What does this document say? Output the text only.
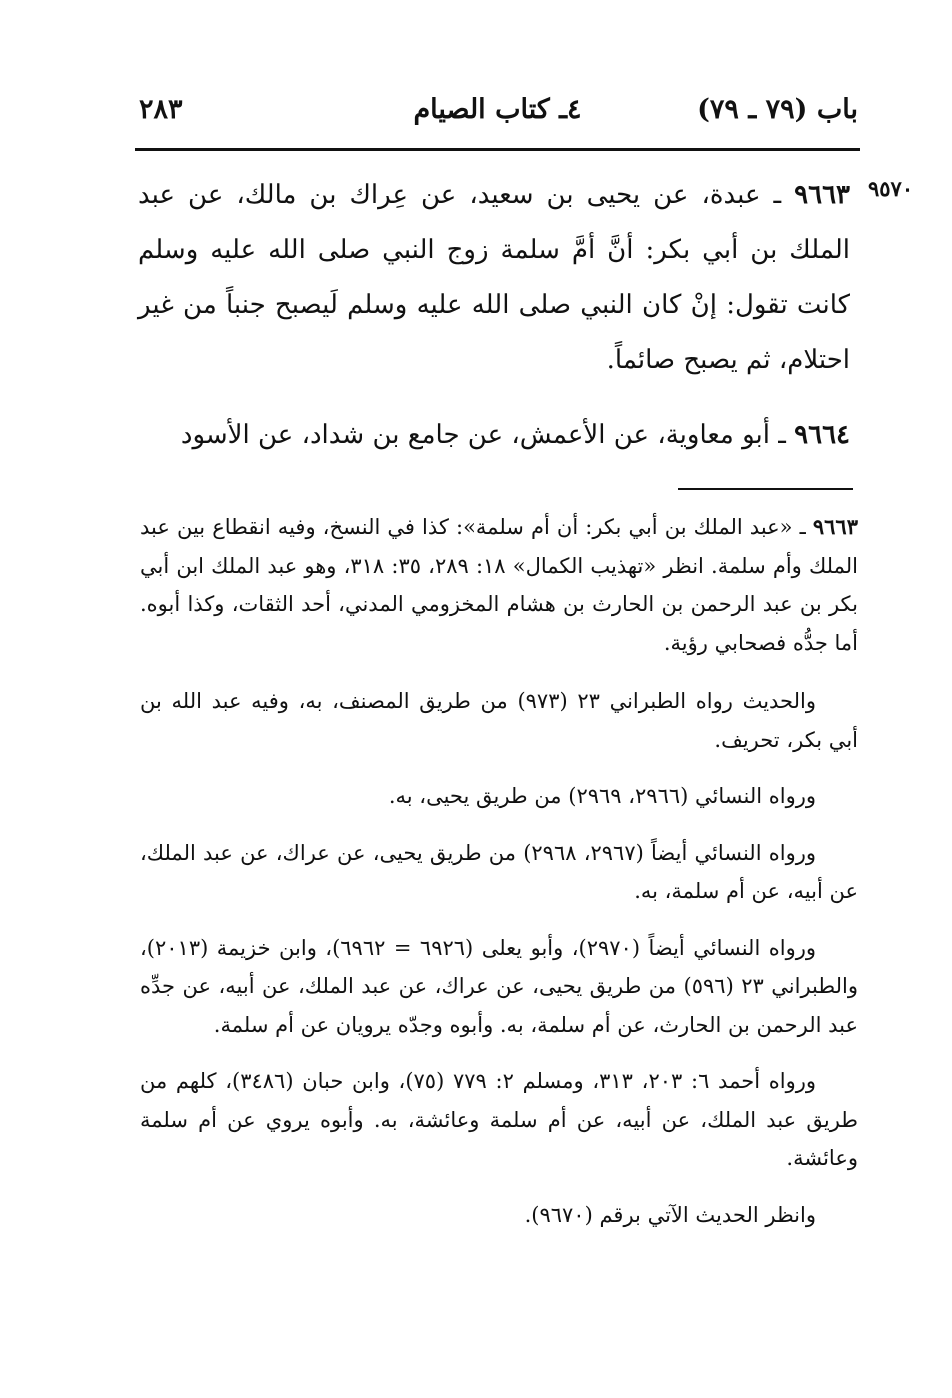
باب (٧٩ ـ ٧٩)
٤ـ كتاب الصيام
٢٨٣
٩٥٧٠

٩٦٦٣ ـ عبدة، عن يحيى بن سعيد، عن عِراك بن مالك، عن عبد الملك بن أبي بكر: أنَّ أمَّ سلمة زوج النبي صلى الله عليه وسلم كانت تقول: إنْ كان النبي صلى الله عليه وسلم لَيصبح جنباً من غير احتلام، ثم يصبح صائماً.

٩٦٦٤ ـ أبو معاوية، عن الأعمش، عن جامع بن شداد، عن الأسود

٩٦٦٣ ـ «عبد الملك بن أبي بكر: أن أم سلمة»: كذا في النسخ، وفيه انقطاع بين عبد الملك وأم سلمة. انظر «تهذيب الكمال» ١٨: ٢٨٩، ٣٥: ٣١٨، وهو عبد الملك ابن أبي بكر بن عبد الرحمن بن الحارث بن هشام المخزومي المدني، أحد الثقات، وكذا أبوه. أما جدُّه فصحابي رؤية.

والحديث رواه الطبراني ٢٣ (٩٧٣) من طريق المصنف، به، وفيه عبد الله بن أبي بكر، تحريف.

ورواه النسائي (٢٩٦٦، ٢٩٦٩) من طريق يحيى، به.

ورواه النسائي أيضاً (٢٩٦٧، ٢٩٦٨) من طريق يحيى، عن عراك، عن عبد الملك، عن أبيه، عن أم سلمة، به.

ورواه النسائي أيضاً (٢٩٧٠)، وأبو يعلى (٦٩٢٦ = ٦٩٦٢)، وابن خزيمة (٢٠١٣)، والطبراني ٢٣ (٥٩٦) من طريق يحيى، عن عراك، عن عبد الملك، عن أبيه، عن جدِّه عبد الرحمن بن الحارث، عن أم سلمة، به. وأبوه وجدّه يرويان عن أم سلمة.

ورواه أحمد ٦: ٢٠٣، ٣١٣، ومسلم ٢: ٧٧٩ (٧٥)، وابن حبان (٣٤٨٦)، كلهم من طريق عبد الملك، عن أبيه، عن أم سلمة وعائشة، به. وأبوه يروي عن أم سلمة وعائشة.

وانظر الحديث الآتي برقم (٩٦٧٠).
